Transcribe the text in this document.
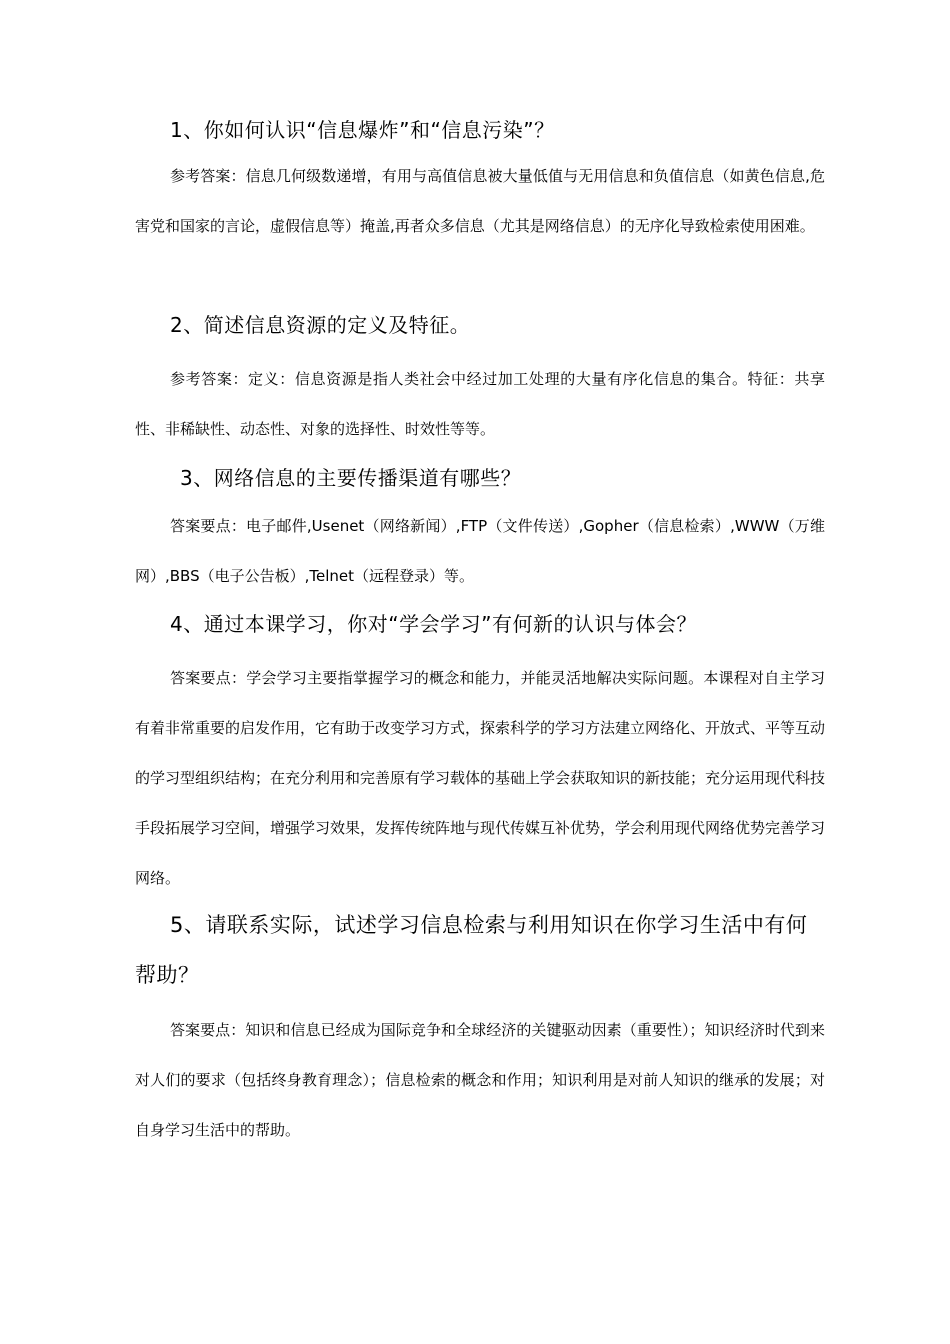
1、你如何认识“信息爆炸”和“信息污染”？
参考答案：信息几何级数递增，有用与高值信息被大量低值与无用信息和负值信息（如黄色信息,危害党和国家的言论，虚假信息等）掩盖,再者众多信息（尤其是网络信息）的无序化导致检索使用困难。
2、简述信息资源的定义及特征。
参考答案：定义：信息资源是指人类社会中经过加工处理的大量有序化信息的集合。特征：共享性、非稀缺性、动态性、对象的选择性、时效性等等。
3、网络信息的主要传播渠道有哪些？
答案要点：电子邮件,Usenet（网络新闻）,FTP（文件传送）,Gopher（信息检索）,WWW（万维网）,BBS（电子公告板）,Telnet（远程登录）等。
4、通过本课学习，你对“学会学习”有何新的认识与体会？
答案要点：学会学习主要指掌握学习的概念和能力，并能灵活地解决实际问题。本课程对自主学习有着非常重要的启发作用，它有助于改变学习方式，探索科学的学习方法建立网络化、开放式、平等互动的学习型组织结构；在充分利用和完善原有学习载体的基础上学会获取知识的新技能；充分运用现代科技手段拓展学习空间，增强学习效果，发挥传统阵地与现代传媒互补优势，学会利用现代网络优势完善学习网络。
5、请联系实际，试述学习信息检索与利用知识在你学习生活中有何帮助？
答案要点：知识和信息已经成为国际竞争和全球经济的关键驱动因素（重要性）；知识经济时代到来对人们的要求（包括终身教育理念）；信息检索的概念和作用；知识利用是对前人知识的继承的发展；对自身学习生活中的帮助。
